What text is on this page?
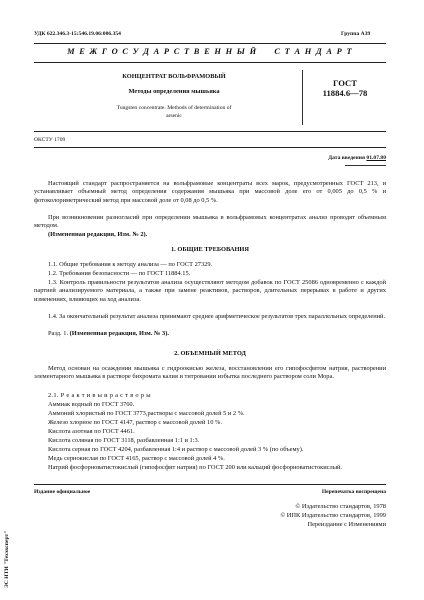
УДК 622.346.3-15:546.19.06:006.354	Группа А39
М Е Ж Г О С У Д А Р С Т В Е Н Н Ы Й     С Т А Н Д А Р Т
КОНЦЕНТРАТ ВОЛЬФРАМОВЫЙ
Методы определения мышьяка
Tungsten concentrate. Methods of determination of
arsenic
ГОСТ
11884.6—78
ОКСТУ 1709
Дата введения 01.07.80
Настоящий стандарт распространяется на вольфрамовые концентраты всех марок, предусмотренных ГОСТ 213, и устанавливает объемный метод определения содержания мышьяка при массовой доле его от 0,005 до 0,5 % и фотоколориметрический метод при массовой доле от 0,08 до 0,5 %.
При возникновении разногласий при определении мышьяка в вольфрамовых концентратах анализ проводят объемным методом.
(Измененная редакция, Изм. № 2).
1. ОБЩИЕ ТРЕБОВАНИЯ
1.1. Общие требования к методу анализа — по ГОСТ 27329.
1.2. Требования безопасности — по ГОСТ 11884.15.
1.3. Контроль правильности результатов анализа осуществляют методом добавок по ГОСТ 25086 одновременно с каждой партией анализируемого материала, а также при замене реактивов, растворов, длительных перерывах в работе и других изменениях, влияющих на ход анализа.
1.4. За окончательный результат анализа принимают среднее арифметическое результатов трех параллельных определений.
Разд. 1. (Измененная редакция, Изм. № 3).
2. ОБЪЕМНЫЙ МЕТОД
Метод основан на осаждении мышьяка с гидроокисью железа, восстановлении его гипофосфитом натрия, растворении элементарного мышьяка в растворе бихромата калия и титровании избытка последнего раствором соли Мора.
2.1. Р е а к т и в ы и р а с т в о р ы
Аммиак водный по ГОСТ 3760.
Аммоний хлористый по ГОСТ 3773,растворы с массовой долей 5 и 2 %.
Железо хлорное по ГОСТ 4147, раствор с массовой долей 10 %.
Кислота азотная по ГОСТ 4461.
Кислота соляная по ГОСТ 3118, разбавленная 1:1 и 1:3.
Кислота серная по ГОСТ 4204, разбавленная 1:4 и раствор с массовой долей 3 % (по объему).
Медь сернокислая по ГОСТ 4165, раствор с массовой долей 4 %.
Натрий фосфорноватистокислый (гипофосфит натрия) по ГОСТ 200 или кальций фосфорноватистокислый.
Издание официальное	Перепечатка воспрещена
© Издательство стандартов, 1978
© ИПК Издательство стандартов, 1999
Переиздание с Изменениями
ЭС НТИ "Техэксперт"
